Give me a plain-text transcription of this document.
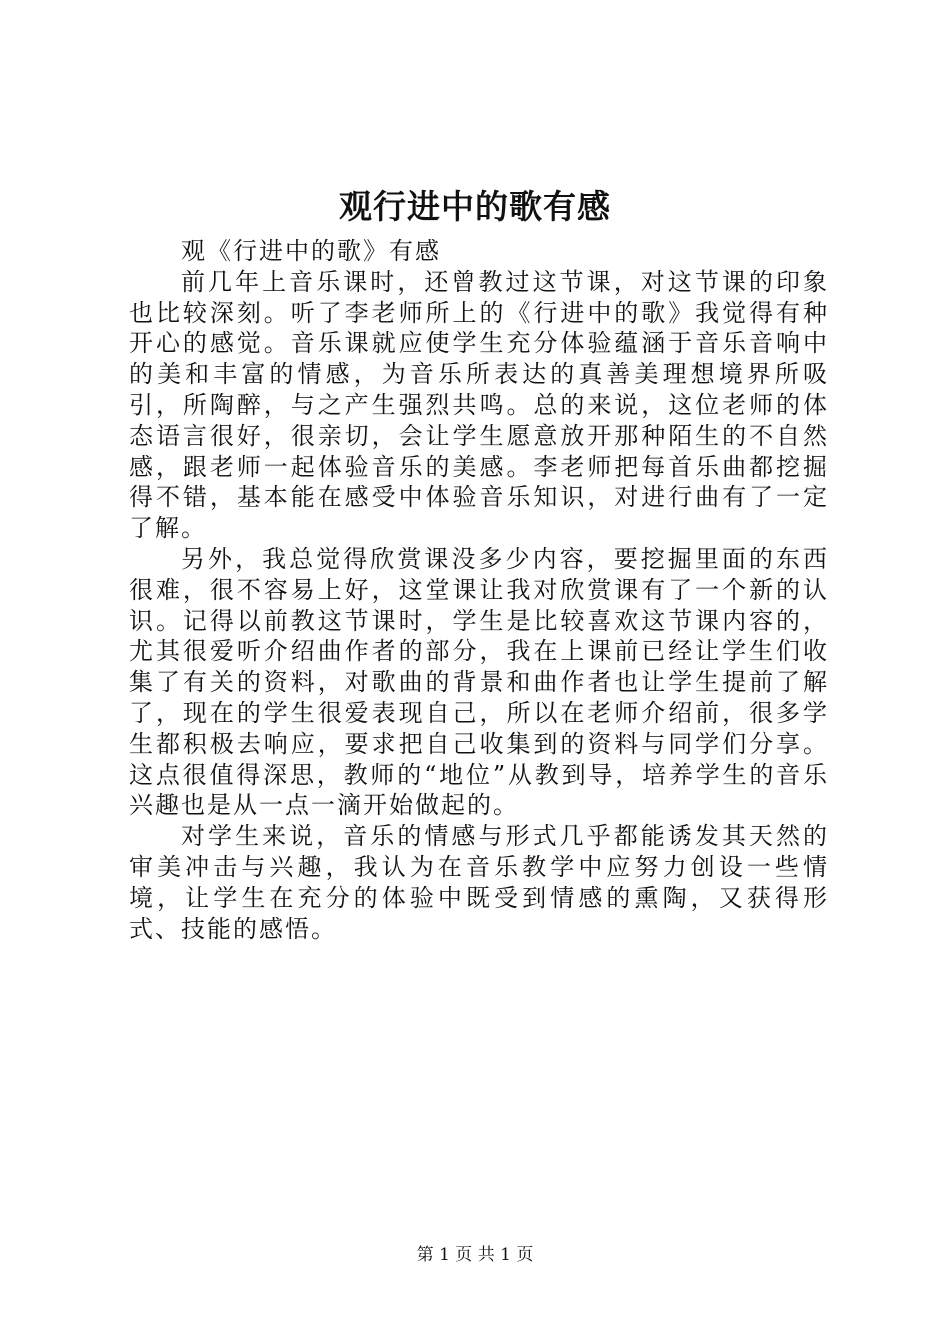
观行进中的歌有感

观《行进中的歌》有感

前几年上音乐课时，还曾教过这节课，对这节课的印象也比较深刻。听了李老师所上的《行进中的歌》我觉得有种开心的感觉。音乐课就应使学生充分体验蕴涵于音乐音响中的美和丰富的情感，为音乐所表达的真善美理想境界所吸引，所陶醉，与之产生强烈共鸣。总的来说，这位老师的体态语言很好，很亲切，会让学生愿意放开那种陌生的不自然感，跟老师一起体验音乐的美感。李老师把每首乐曲都挖掘得不错，基本能在感受中体验音乐知识，对进行曲有了一定了解。

另外，我总觉得欣赏课没多少内容，要挖掘里面的东西很难，很不容易上好，这堂课让我对欣赏课有了一个新的认识。记得以前教这节课时，学生是比较喜欢这节课内容的，尤其很爱听介绍曲作者的部分，我在上课前已经让学生们收集了有关的资料，对歌曲的背景和曲作者也让学生提前了解了，现在的学生很爱表现自己，所以在老师介绍前，很多学生都积极去响应，要求把自己收集到的资料与同学们分享。这点很值得深思，教师的“地位”从教到导，培养学生的音乐兴趣也是从一点一滴开始做起的。

对学生来说，音乐的情感与形式几乎都能诱发其天然的审美冲击与兴趣，我认为在音乐教学中应努力创设一些情境，让学生在充分的体验中既受到情感的熏陶，又获得形式、技能的感悟。

第 1 页 共 1 页
